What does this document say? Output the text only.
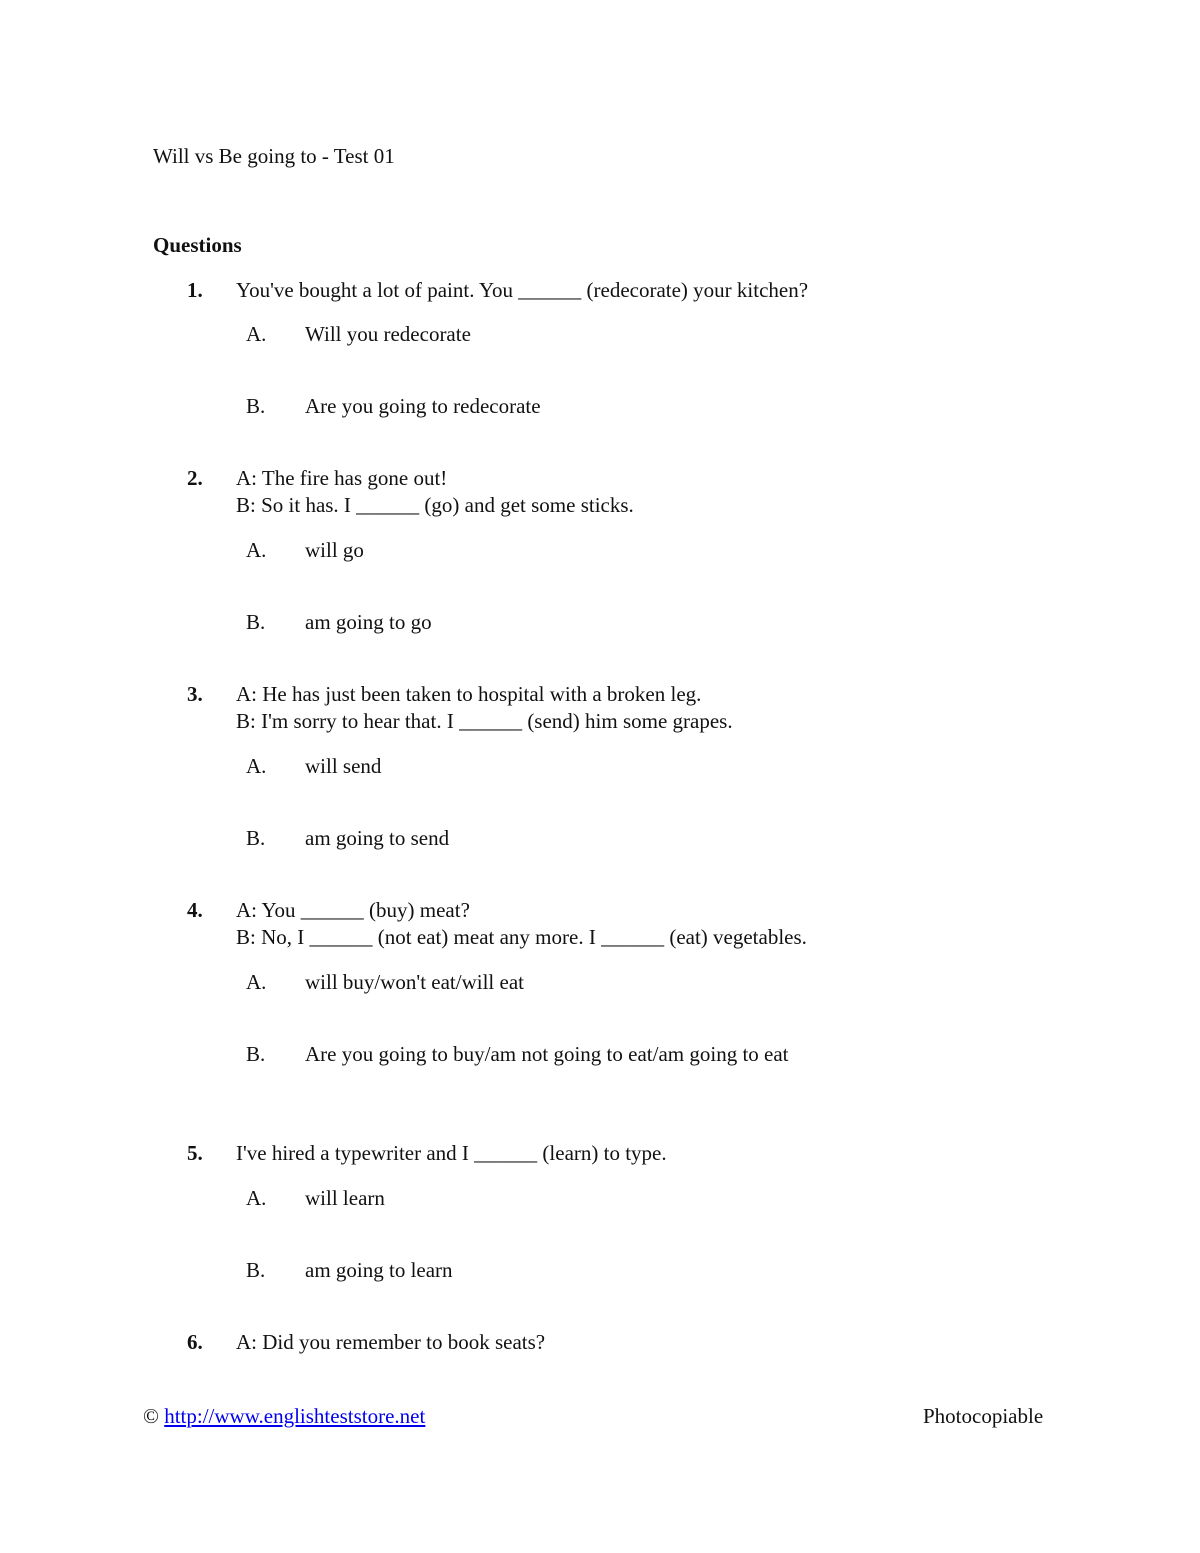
Will vs Be going to - Test 01
Questions
1. You've bought a lot of paint. You ______ (redecorate) your kitchen?
A. Will you redecorate
B. Are you going to redecorate
2. A: The fire has gone out!
B: So it has. I ______ (go) and get some sticks.
A. will go
B. am going to go
3. A: He has just been taken to hospital with a broken leg.
B: I'm sorry to hear that. I ______ (send) him some grapes.
A. will send
B. am going to send
4. A: You ______ (buy) meat?
B: No, I ______ (not eat) meat any more. I ______ (eat) vegetables.
A. will buy/won't eat/will eat
B. Are you going to buy/am not going to eat/am going to eat
5. I've hired a typewriter and I ______ (learn) to type.
A. will learn
B. am going to learn
6. A: Did you remember to book seats?
© http://www.englishteststore.net	Photocopiable
